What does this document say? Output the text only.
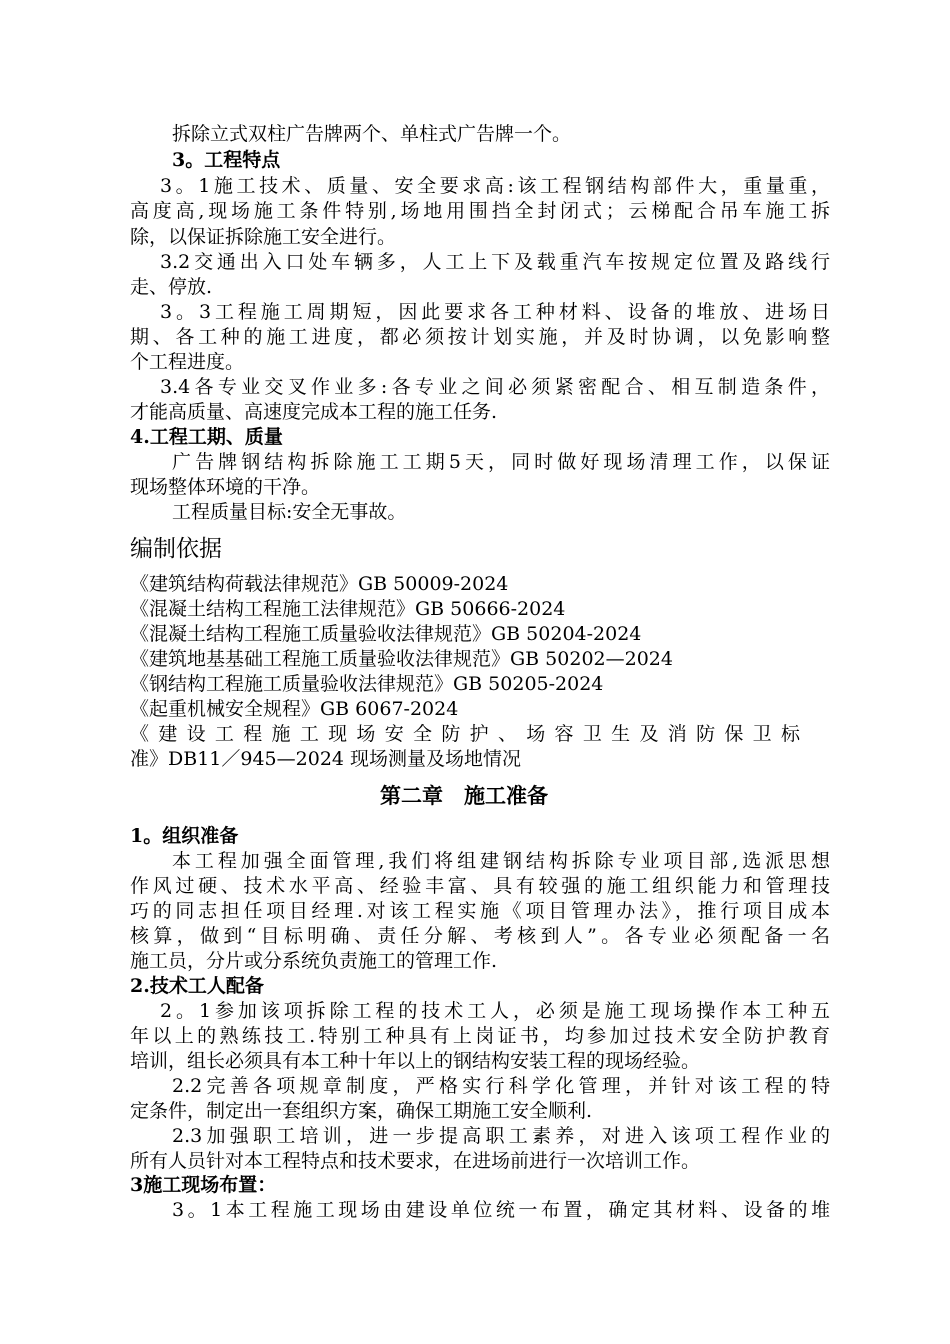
拆除立式双柱广告牌两个、单柱式广告牌一个。
3。工程特点
3。1施工技术、质量、安全要求高:该工程钢结构部件大，重量重，
高度高,现场施工条件特别,场地用围挡全封闭式；云梯配合吊车施工拆
除，以保证拆除施工安全进行。
3.2交通出入口处车辆多，人工上下及载重汽车按规定位置及路线行
走、停放.
3。3工程施工周期短，因此要求各工种材料、设备的堆放、进场日
期、各工种的施工进度，都必须按计划实施，并及时协调，以免影响整
个工程进度。
3.4各专业交叉作业多:各专业之间必须紧密配合、相互制造条件，
才能高质量、高速度完成本工程的施工任务.
4.工程工期、质量
广告牌钢结构拆除施工工期5天，同时做好现场清理工作，以保证
现场整体环境的干净。
工程质量目标:安全无事故。
编制依据
《建筑结构荷载法律规范》GB 50009-2024
《混凝土结构工程施工法律规范》GB 50666-2024
《混凝土结构工程施工质量验收法律规范》GB 50204-2024
《建筑地基基础工程施工质量验收法律规范》GB 50202—2024
《钢结构工程施工质量验收法律规范》GB 50205-2024
《起重机械安全规程》GB 6067-2024
《建设工程施工现场安全防护、场容卫生及消防保卫标
准》DB11／945—2024 现场测量及场地情况
第二章　施工准备
1。组织准备
本工程加强全面管理,我们将组建钢结构拆除专业项目部,选派思想
作风过硬、技术水平高、经验丰富、具有较强的施工组织能力和管理技
巧的同志担任项目经理.对该工程实施《项目管理办法》，推行项目成本
核算，做到“目标明确、责任分解、考核到人”。各专业必须配备一名
施工员，分片或分系统负责施工的管理工作.
2.技术工人配备
2。1参加该项拆除工程的技术工人，必须是施工现场操作本工种五
年以上的熟练技工.特别工种具有上岗证书，均参加过技术安全防护教育
培训，组长必须具有本工种十年以上的钢结构安装工程的现场经验。
2.2完善各项规章制度，严格实行科学化管理，并针对该工程的特
定条件，制定出一套组织方案，确保工期施工安全顺利.
2.3加强职工培训，进一步提高职工素养，对进入该项工程作业的
所有人员针对本工程特点和技术要求，在进场前进行一次培训工作。
3施工现场布置：
3。1本工程施工现场由建设单位统一布置，确定其材料、设备的堆
